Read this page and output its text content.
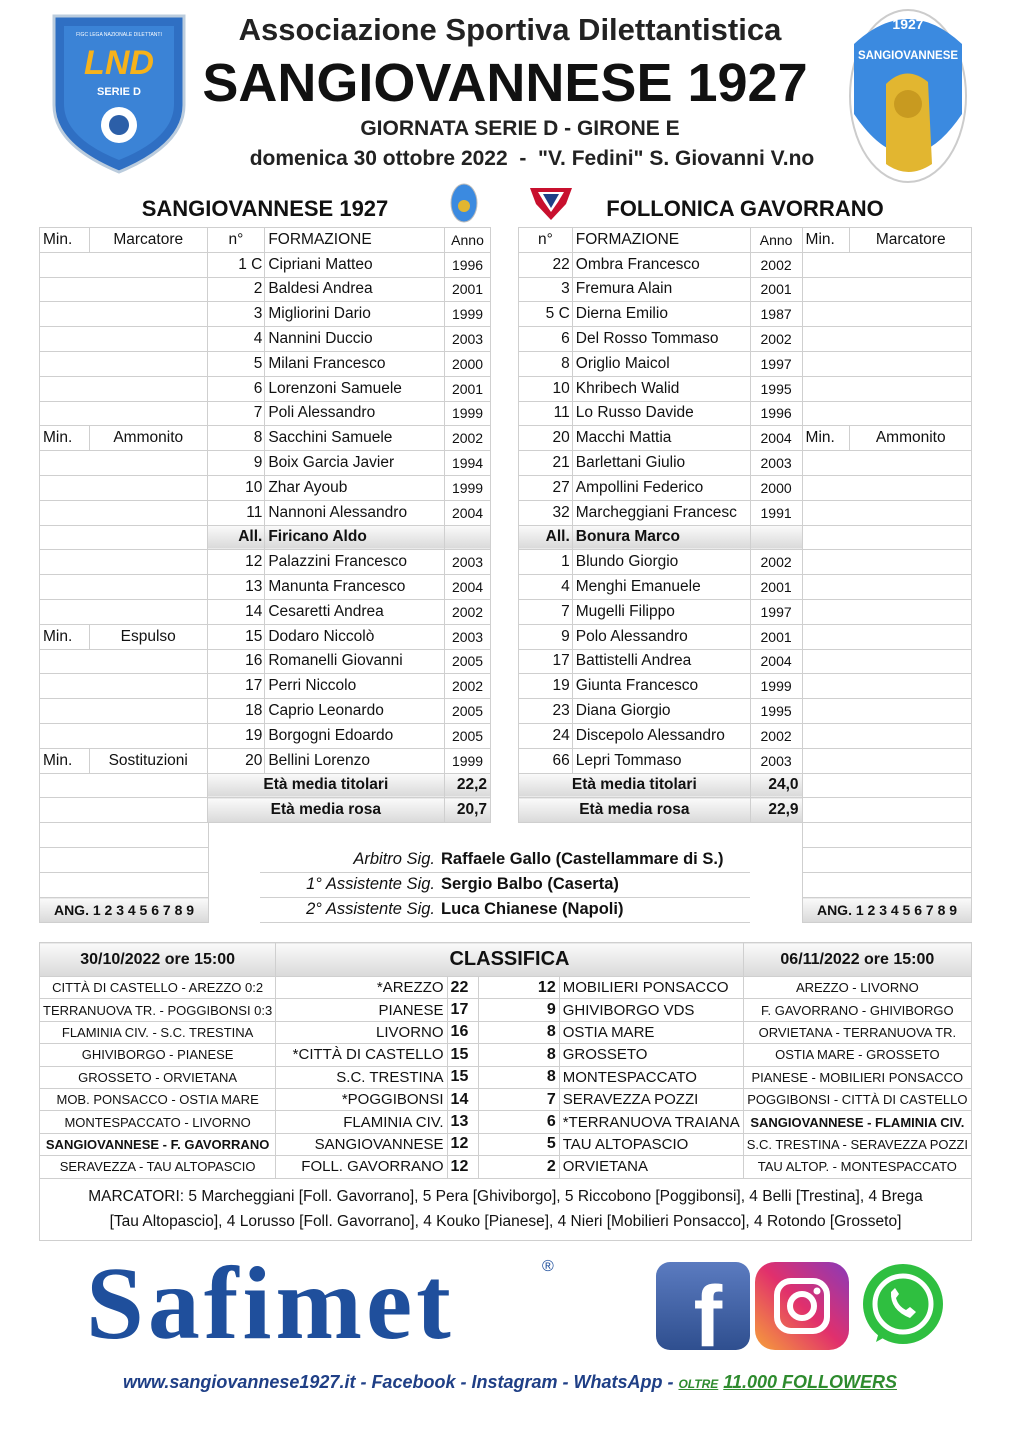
FIGC LEGA NAZIONALE DILETTANTI
LND
SERIE D
1927
SANGIOVANNESE
Associazione Sportiva Dilettantistica
SANGIOVANNESE 1927
GIORNATA SERIE D - GIRONE E
domenica 30 ottobre 2022  -  "V. Fedini" S. Giovanni V.no
SANGIOVANNESE 1927	FOLLONICA GAVORRANO
Min.	Marcatore	n°	FORMAZIONE	Anno
		1 C	Cipriani Matteo	1996
		2	Baldesi Andrea	2001
		3	Migliorini Dario	1999
		4	Nannini Duccio	2003
		5	Milani Francesco	2000
		6	Lorenzoni Samuele	2001
		7	Poli Alessandro	1999
Min.	Ammonito	8	Sacchini Samuele	2002
		9	Boix Garcia Javier	1994
		10	Zhar Ayoub	1999
		11	Nannoni Alessandro	2004
		All.	Firicano Aldo	
		12	Palazzini Francesco	2003
		13	Manunta Francesco	2004
		14	Cesaretti Andrea	2002
Min.	Espulso	15	Dodaro Niccolò	2003
		16	Romanelli Giovanni	2005
		17	Perri Niccolo	2002
		18	Caprio Leonardo	2005
		19	Borgogni Edoardo	2005
Min.	Sostituzioni	20	Bellini Lorenzo	1999
		Età media titolari		22,2
		Età media rosa		20,7

ANG. 1 2 3 4 5 6 7 8 9
n°	FORMAZIONE	Anno	Min.	Marcatore
22	Ombra Francesco	2002		
3	Fremura Alain	2001		
5 C	Dierna Emilio	1987		
6	Del Rosso Tommaso	2002		
8	Origlio Maicol	1997		
10	Khribech Walid	1995		
11	Lo Russo Davide	1996		
20	Macchi Mattia	2004	Min.	Ammonito
21	Barlettani Giulio	2003		
27	Ampollini Federico	2000		
32	Marcheggiani Francesc	1991		
All.	Bonura Marco			
1	Blundo Giorgio	2002		
4	Menghi Emanuele	2001		
7	Mugelli Filippo	1997		
9	Polo Alessandro	2001		
17	Battistelli Andrea	2004		
19	Giunta Francesco	1999		
23	Diana Giorgio	1995		
24	Discepolo Alessandro	2002		
66	Lepri Tommaso	2003		
Età media titolari		24,0		
Età media rosa		22,9		

ANG. 1 2 3 4 5 6 7 8 9
Arbitro Sig.	Raffaele Gallo (Castellammare di S.)
1° Assistente Sig.	Sergio Balbo (Caserta)
2° Assistente Sig.	Luca Chianese (Napoli)
30/10/2022 ore 15:00	CLASSIFICA				06/11/2022 ore 15:00
CITTÀ DI CASTELLO - AREZZO 0:2	*AREZZO	22	12	MOBILIERI PONSACCO	AREZZO - LIVORNO
TERRANUOVA TR. - POGGIBONSI 0:3	PIANESE	17	9	GHIVIBORGO VDS	F. GAVORRANO - GHIVIBORGO
FLAMINIA CIV. - S.C. TRESTINA	LIVORNO	16	8	OSTIA MARE	ORVIETANA - TERRANUOVA TR.
GHIVIBORGO - PIANESE	*CITTÀ DI CASTELLO	15	8	GROSSETO	OSTIA MARE - GROSSETO
GROSSETO - ORVIETANA	S.C. TRESTINA	15	8	MONTESPACCATO	PIANESE - MOBILIERI PONSACCO
MOB. PONSACCO - OSTIA MARE	*POGGIBONSI	14	7	SERAVEZZA POZZI	POGGIBONSI - CITTÀ DI CASTELLO
MONTESPACCATO - LIVORNO	FLAMINIA CIV.	13	6	*TERRANUOVA TRAIANA	SANGIOVANNESE - FLAMINIA CIV.
SANGIOVANNESE - F. GAVORRANO	SANGIOVANNESE	12	5	TAU ALTOPASCIO	S.C. TRESTINA - SERAVEZZA POZZI
SERAVEZZA - TAU ALTOPASCIO	FOLL. GAVORRANO	12	2	ORVIETANA	TAU ALTOP. - MONTESPACCATO

MARCATORI: 5 Marcheggiani [Foll. Gavorrano], 5 Pera [Ghiviborgo], 5 Riccobono [Poggibonsi], 4 Belli [Trestina], 4 Brega
[Tau Altopascio], 4 Lorusso [Foll. Gavorrano], 4 Kouko [Pianese], 4 Nieri [Mobilieri Ponsacco], 4 Rotondo [Grosseto]					
Safimet	®
f
www.sangiovannese1927.it - Facebook - Instagram - WhatsApp - OLTRE 11.000 FOLLOWERS
